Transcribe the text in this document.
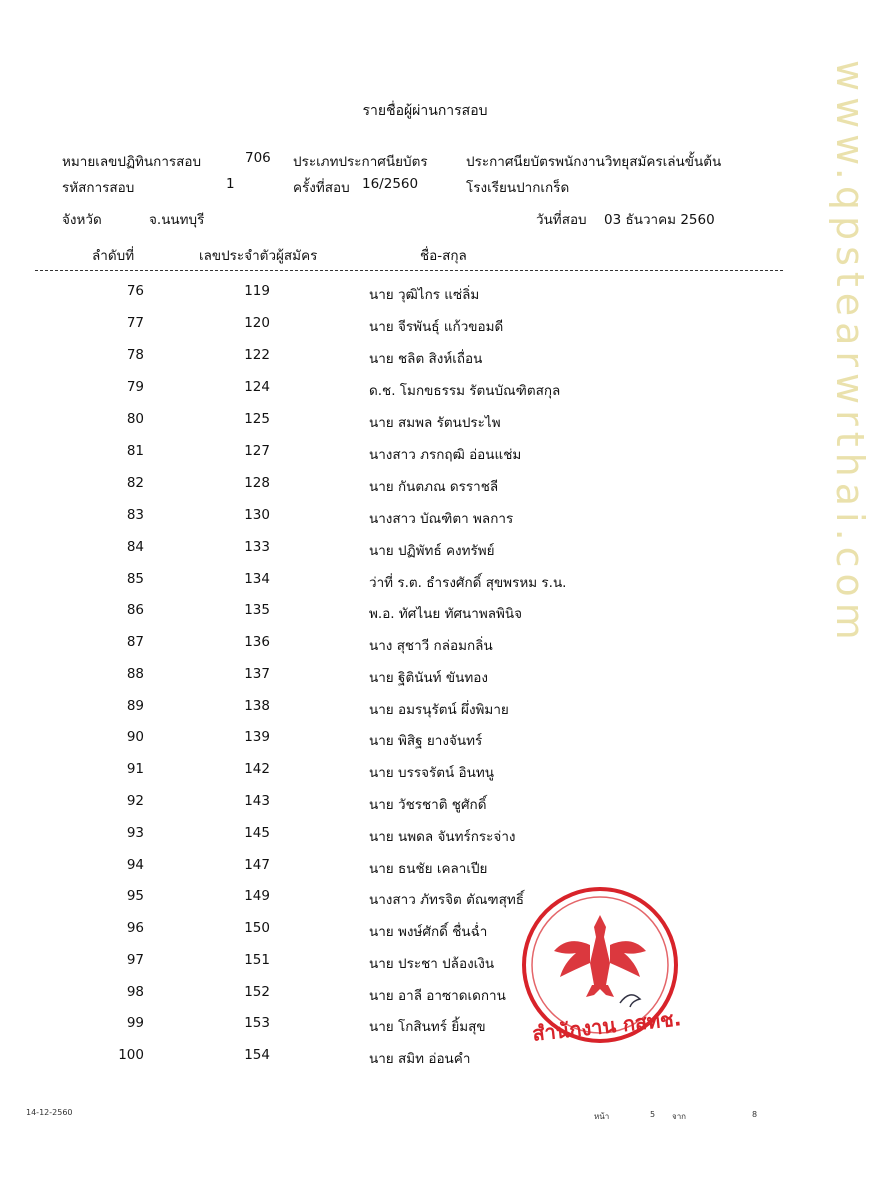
รายชื่อผู้ผ่านการสอบ
หมายเลขปฏิทินการสอบ	706 ประเภทประกาศนียบัตร	ประกาศนียบัตรพนักงานวิทยุสมัครเล่นขั้นต้น
รหัสการสอบ	1	ครั้งที่สอบ 16/2560	โรงเรียนปากเกร็ด
จังหวัด	จ.นนทบุรี	วันที่สอบ 03 ธันวาคม 2560
ลำดับที่	เลขประจำตัวผู้สมัคร	ชื่อ-สกุล
76	119	นาย วุฒิไกร แซ่ลิ่ม
77	120	นาย จีรพันธุ์ แก้วขอมดี
78	122	นาย ชลิต สิงห์เถื่อน
79	124	ด.ช. โมกขธรรม รัตนบัณฑิตสกุล
80	125	นาย สมพล รัตนประไพ
81	127	นางสาว ภรกฤฒิ อ่อนแช่ม
82	128	นาย กันตภณ ดรราชลี
83	130	นางสาว บัณฑิตา พลการ
84	133	นาย ปฏิพัทธ์ คงทรัพย์
85	134	ว่าที่ ร.ต. ธำรงศักดิ์ สุขพรหม ร.น.
86	135	พ.อ. ทัศไนย ทัศนาพลพินิจ
87	136	นาง สุชาวี กล่อมกลิ่น
88	137	นาย ฐิตินันท์ ขันทอง
89	138	นาย อมรนุรัตน์ ผึ่งพิมาย
90	139	นาย พิสิฐ ยางจันทร์
91	142	นาย บรรจรัตน์ อินทนู
92	143	นาย วัชรชาติ ชูศักดิ์
93	145	นาย นพดล จันทร์กระจ่าง
94	147	นาย ธนชัย เคลาเปีย
95	149	นางสาว ภัทรจิต ตัณฑสุทธิ์
96	150	นาย พงษ์ศักดิ์ ชื่นฉ่ำ
97	151	นาย ประชา ปล้องเงิน
98	152	นาย อาลี อาซาดเดกาน
99	153	นาย โกสินทร์ ยิ้มสุข
100	154	นาย สมิท อ่อนคำ
สำนักงาน กสทช.
www.qpstearwrthai.com
14-12-2560	หน้า	5 จาก	8
